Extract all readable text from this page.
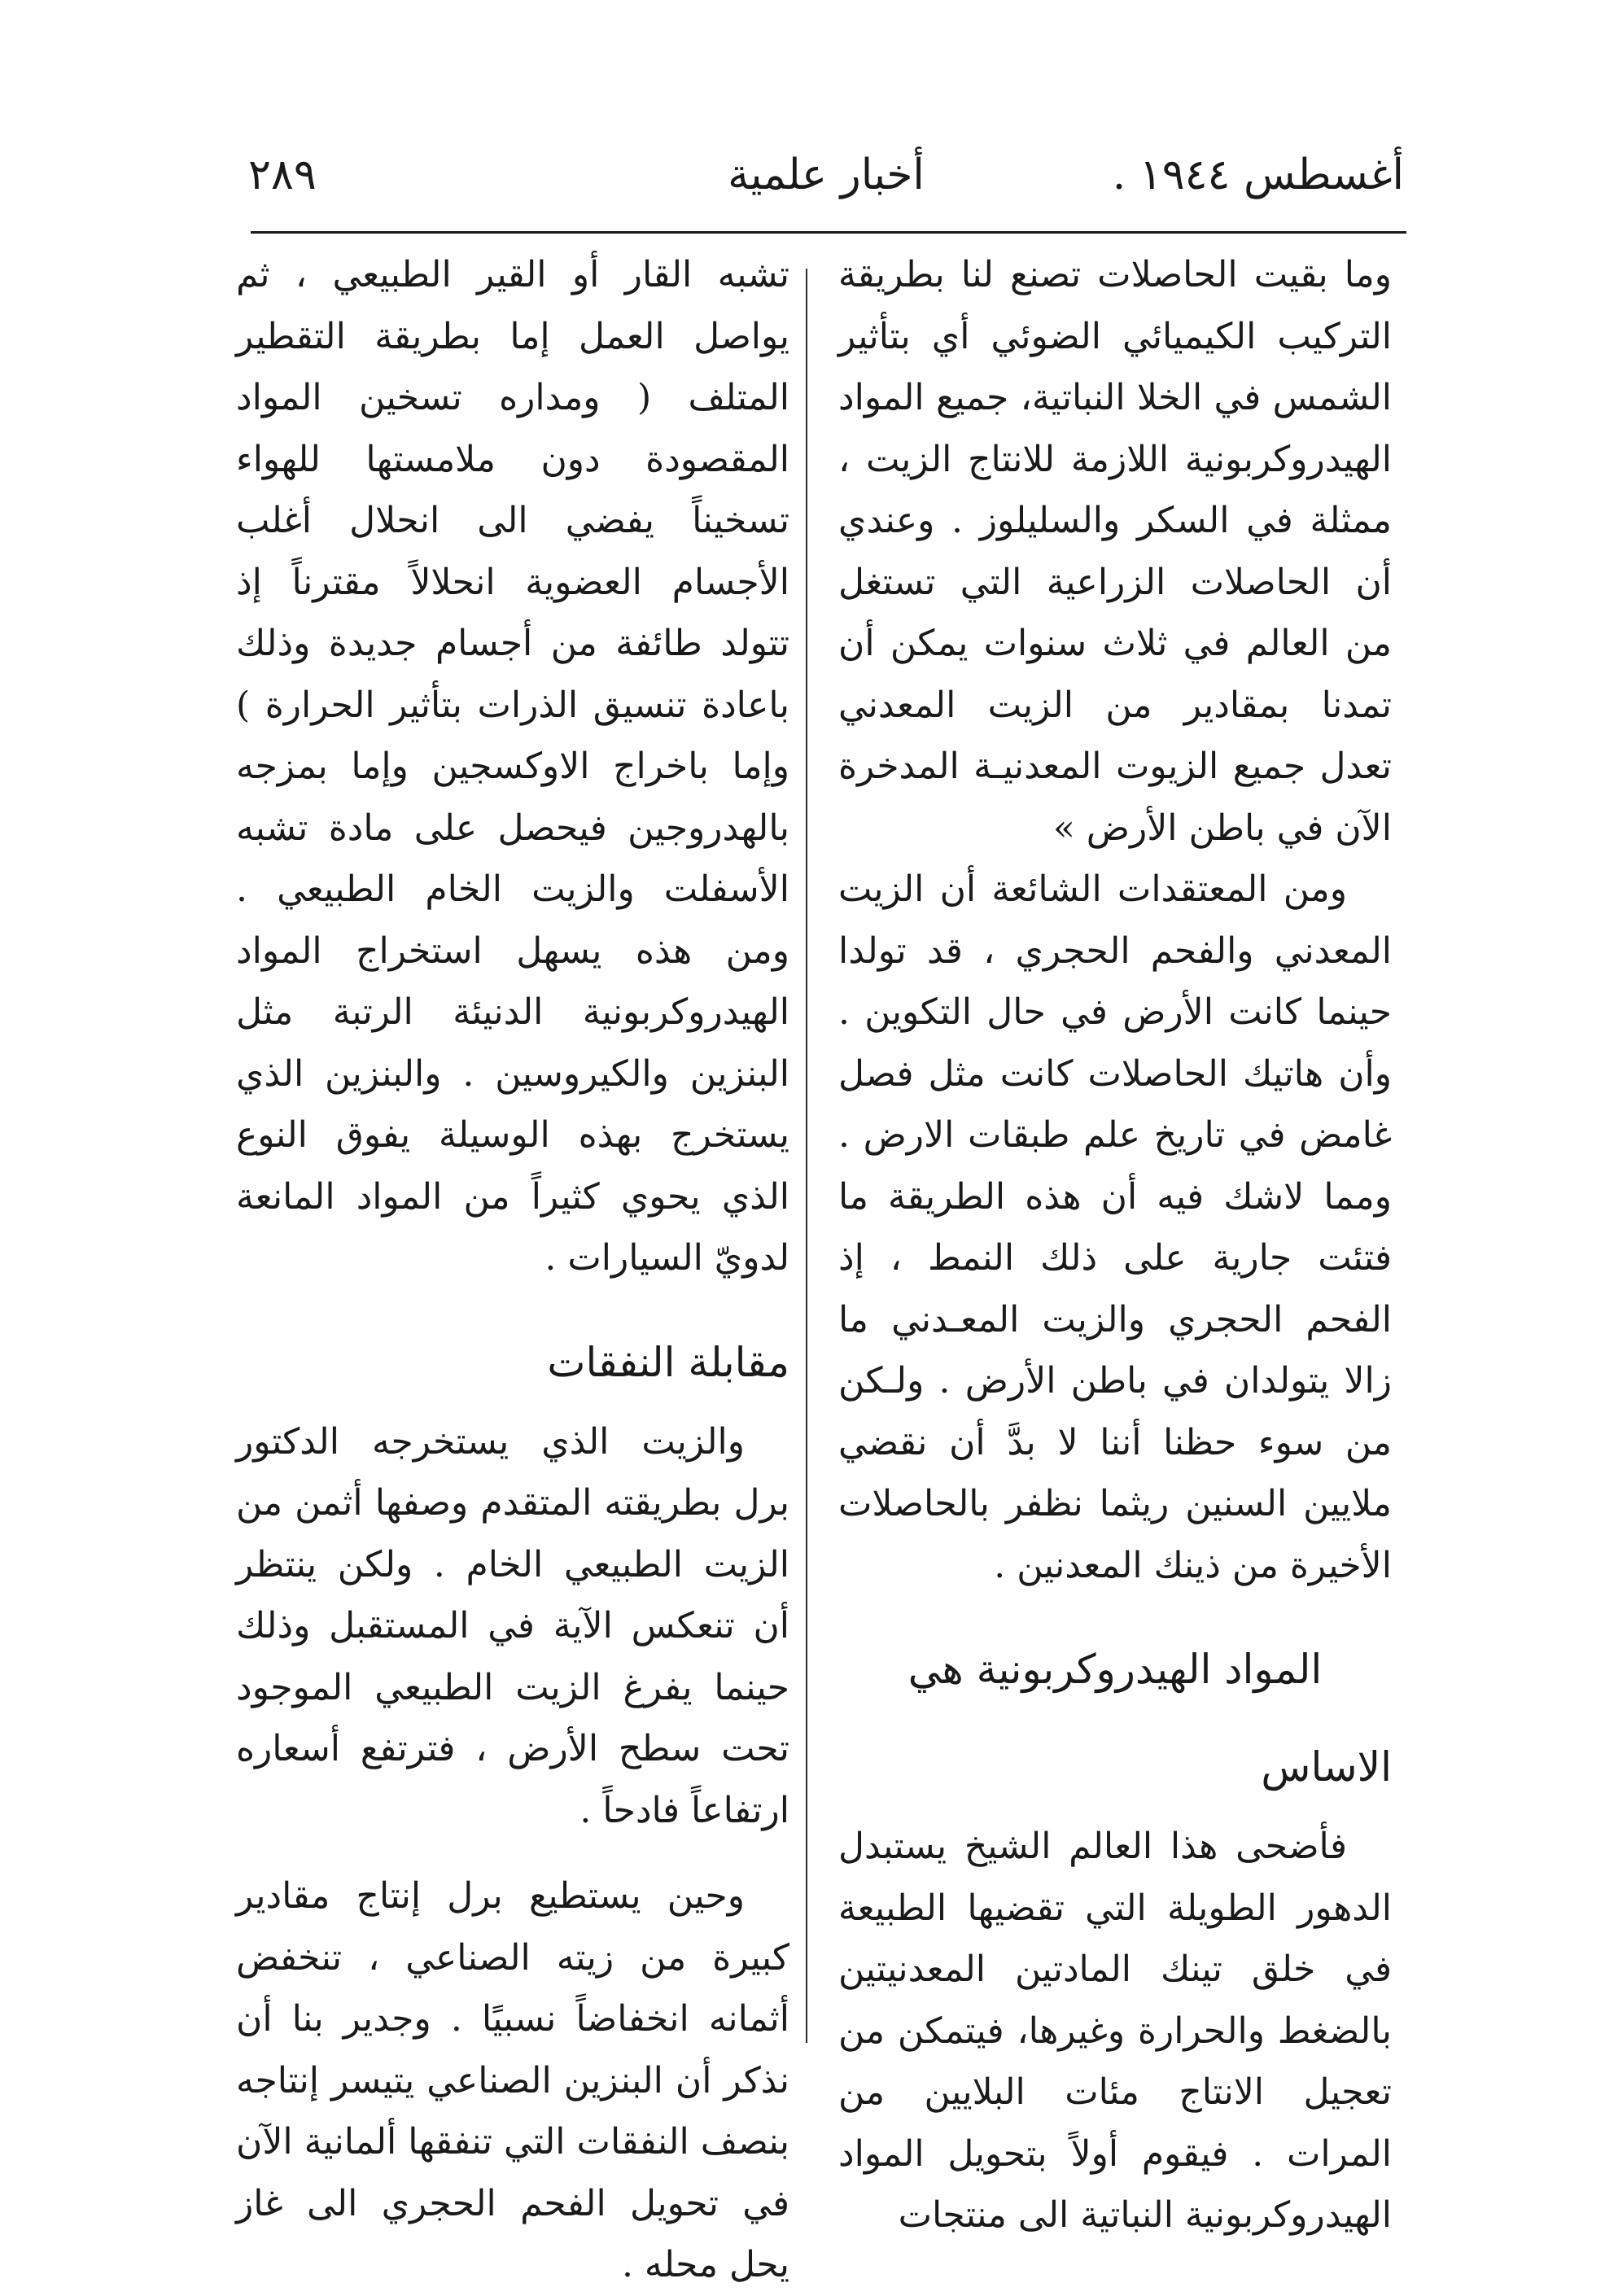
أغسطس ١٩٤٤ .
أخبار علمية
٢٨٩

وما بقيت الحاصلات تصنع لنا بطريقة التركيب الكيميائي الضوئي أي بتأثير الشمس في الخلا النباتية، جميع المواد الهيدروكربونية اللازمة للانتاج الزيت ، ممثلة في السكر والسليلوز . وعندي أن الحاصلات الزراعية التي تستغل من العالم في ثلاث سنوات يمكن أن تمدنا بمقادير من الزيت المعدني تعدل جميع الزيوت المعدنيـة المدخرة الآن في باطن الأرض »

ومن المعتقدات الشائعة أن الزيت المعدني والفحم الحجري ، قد تولدا حينما كانت الأرض في حال التكوين . وأن هاتيك الحاصلات كانت مثل فصل غامض في تاريخ علم طبقات الارض . ومما لاشك فيه أن هذه الطريقة ما فتئت جارية على ذلك النمط ، إذ الفحم الحجري والزيت المعـدني ما زالا يتولدان في باطن الأرض . ولـكن من سوء حظنا أننا لا بدَّ أن نقضي ملايين السنين ريثما نظفر بالحاصلات الأخيرة من ذينك المعدنين .

المواد الهيدروكربونية هي الاساس

فأضحى هذا العالم الشيخ يستبدل الدهور الطويلة التي تقضيها الطبيعة في خلق تينك المادتين المعدنيتين بالضغط والحرارة وغيرها، فيتمكن من تعجيل الانتاج مئات البلايين من المرات . فيقوم أولاً بتحويل المواد الهيدروكربونية النباتية الى منتجات

تشبه القار أو القير الطبيعي ، ثم يواصل العمل إما بطريقة التقطير المتلف ( ومداره تسخين المواد المقصودة دون ملامستها للهواء تسخيناً يفضي الى انحلال أغلب الأجسام العضوية انحلالاً مقترناً إذ تتولد طائفة من أجسام جديدة وذلك باعادة تنسيق الذرات بتأثير الحرارة ) وإما باخراج الاوكسجين وإما بمزجه بالهدروجين فيحصل على مادة تشبه الأسفلت والزيت الخام الطبيعي . ومن هذه يسهل استخراج المواد الهيدروكربونية الدنيئة الرتبة مثل البنزين والكيروسين . والبنزين الذي يستخرج بهذه الوسيلة يفوق النوع الذي يحوي كثيراً من المواد المانعة لدويّ السيارات .

مقابلة النفقات

والزيت الذي يستخرجه الدكتور برل بطريقته المتقدم وصفها أثمن من الزيت الطبيعي الخام . ولكن ينتظر أن تنعكس الآية في المستقبل وذلك حينما يفرغ الزيت الطبيعي الموجود تحت سطح الأرض ، فترتفع أسعاره ارتفاعاً فادحاً .

وحين يستطيع برل إنتاج مقادير كبيرة من زيته الصناعي ، تنخفض أثمانه انخفاضاً نسبيًا . وجدير بنا أن نذكر أن البنزين الصناعي يتيسر إنتاجه بنصف النفقات التي تنفقها ألمانية الآن في تحويل الفحم الحجري الى غاز يحل محله .
